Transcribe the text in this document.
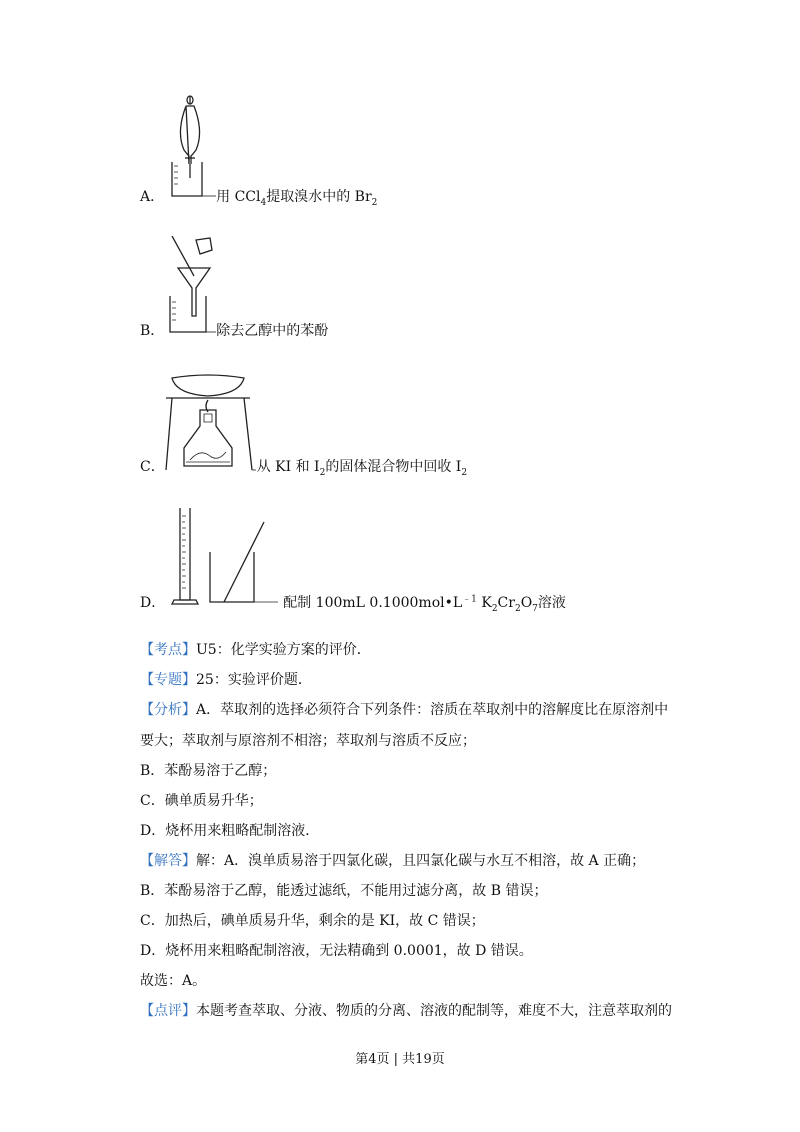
A．	用 CCl$_4$提取溴水中的 $Br_2$
B．	除去乙醇中的苯酚
C．	从 KI 和 $I_2$的固体混合物中回收 $I_2$
D．	配制 100mL $0.1000mol•L^{﹣1}$ $K_2Cr_2O_7$溶液
【考点】U5：化学实验方案的评价．
【专题】25：实验评价题．
【分析】A．萃取剂的选择必须符合下列条件：溶质在萃取剂中的溶解度比在原溶剂中
要大；萃取剂与原溶剂不相溶；萃取剂与溶质不反应；
B．苯酚易溶于乙醇；
C．碘单质易升华；
D．烧杯用来粗略配制溶液．
【解答】解：A．溴单质易溶于四氯化碳，且四氯化碳与水互不相溶，故 A 正确；
B．苯酚易溶于乙醇，能透过滤纸，不能用过滤分离，故 B 错误；
C．加热后，碘单质易升华，剩余的是 KI，故 C 错误；
D．烧杯用来粗略配制溶液，无法精确到 0.0001，故 D 错误。
故选：A。
【点评】本题考查萃取、分液、物质的分离、溶液的配制等，难度不大，注意萃取剂的
第4页 | 共19页
